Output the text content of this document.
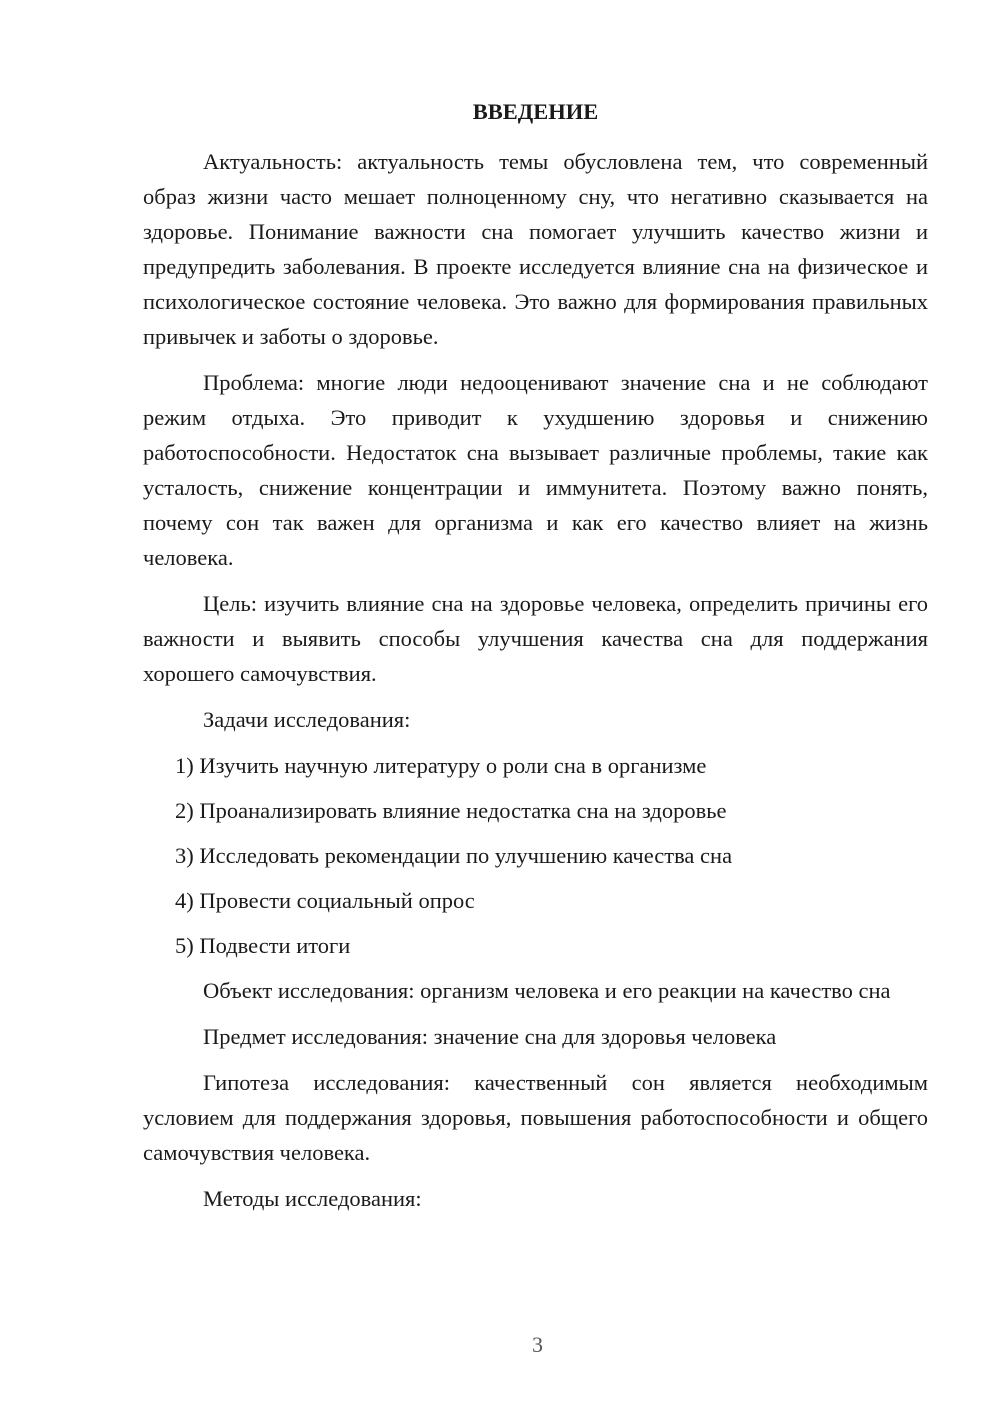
ВВЕДЕНИЕ

Актуальность: актуальность темы обусловлена тем, что современный образ жизни часто мешает полноценному сну, что негативно сказывается на здоровье. Понимание важности сна помогает улучшить качество жизни и предупредить заболевания. В проекте исследуется влияние сна на физическое и психологическое состояние человека. Это важно для формирования правильных привычек и заботы о здоровье.

Проблема: многие люди недооценивают значение сна и не соблюдают режим отдыха. Это приводит к ухудшению здоровья и снижению работоспособности. Недостаток сна вызывает различные проблемы, такие как усталость, снижение концентрации и иммунитета. Поэтому важно понять, почему сон так важен для организма и как его качество влияет на жизнь человека.

Цель: изучить влияние сна на здоровье человека, определить причины его важности и выявить способы улучшения качества сна для поддержания хорошего самочувствия.

Задачи исследования:

1) Изучить научную литературу о роли сна в организме
2) Проанализировать влияние недостатка сна на здоровье
3) Исследовать рекомендации по улучшению качества сна
4) Провести социальный опрос
5) Подвести итоги

Объект исследования: организм человека и его реакции на качество сна

Предмет исследования: значение сна для здоровья человека

Гипотеза исследования: качественный сон является необходимым условием для поддержания здоровья, повышения работоспособности и общего самочувствия человека.

Методы исследования:

3
